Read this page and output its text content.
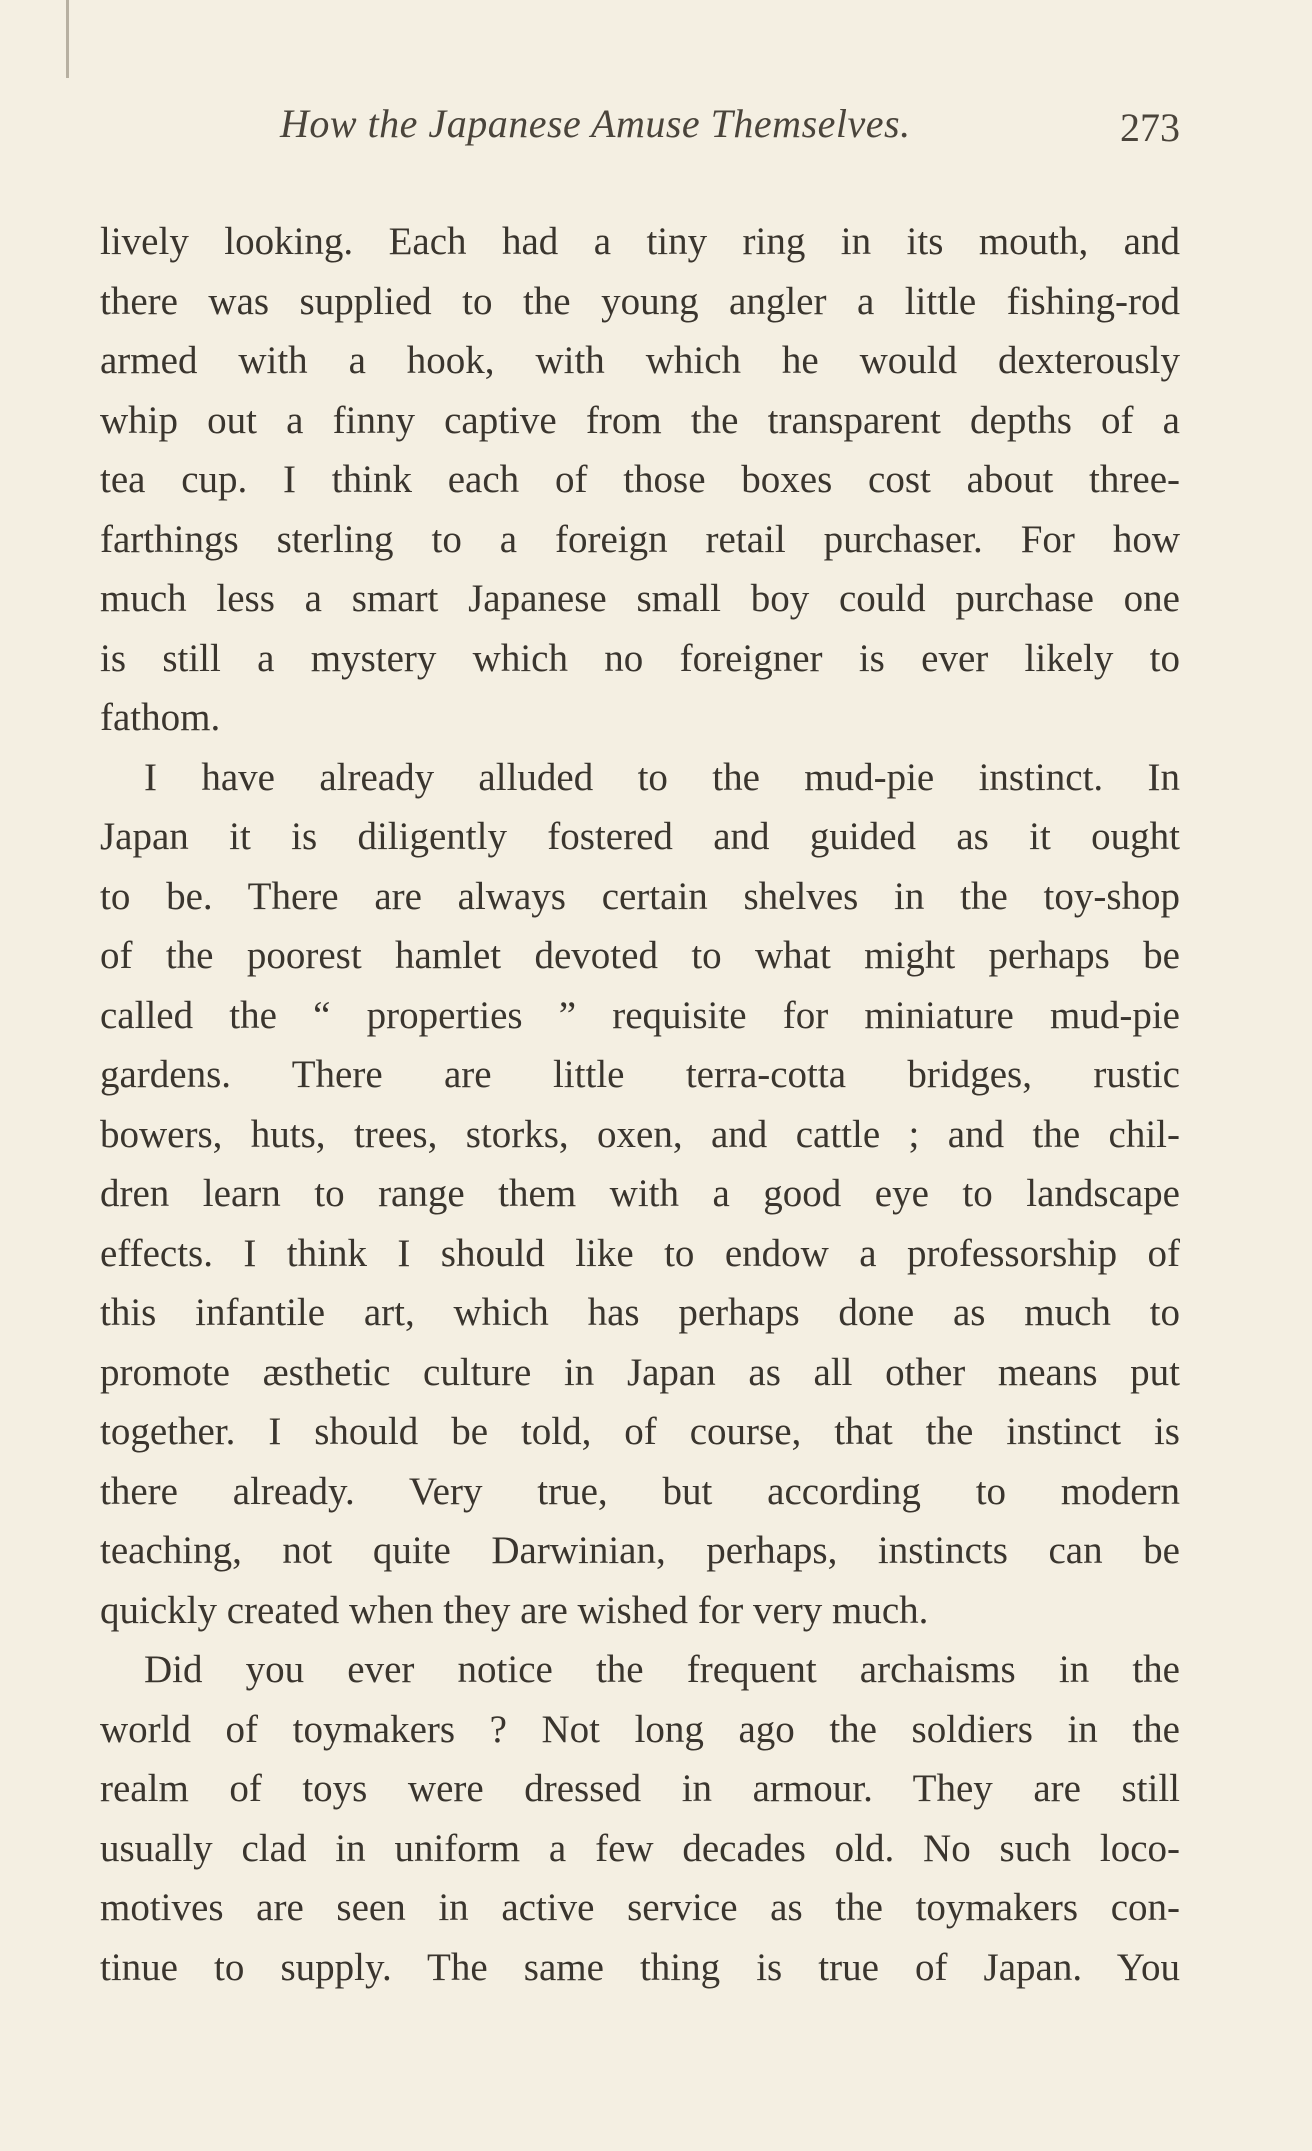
How the Japanese Amuse Themselves.	273
lively looking. Each had a tiny ring in its mouth, and
there was supplied to the young angler a little fishing-rod
armed with a hook, with which he would dexterously
whip out a finny captive from the transparent depths of a
tea cup. I think each of those boxes cost about three-
farthings sterling to a foreign retail purchaser. For how
much less a smart Japanese small boy could purchase one
is still a mystery which no foreigner is ever likely to
fathom.
I have already alluded to the mud-pie instinct. In
Japan it is diligently fostered and guided as it ought
to be. There are always certain shelves in the toy-shop
of the poorest hamlet devoted to what might perhaps be
called the “ properties ” requisite for miniature mud-pie
gardens. There are little terra-cotta bridges, rustic
bowers, huts, trees, storks, oxen, and cattle ; and the chil-
dren learn to range them with a good eye to landscape
effects. I think I should like to endow a professorship of
this infantile art, which has perhaps done as much to
promote æsthetic culture in Japan as all other means put
together. I should be told, of course, that the instinct is
there already. Very true, but according to modern
teaching, not quite Darwinian, perhaps, instincts can be
quickly created when they are wished for very much.
Did you ever notice the frequent archaisms in the
world of toymakers ? Not long ago the soldiers in the
realm of toys were dressed in armour. They are still
usually clad in uniform a few decades old. No such loco-
motives are seen in active service as the toymakers con-
tinue to supply. The same thing is true of Japan. You
